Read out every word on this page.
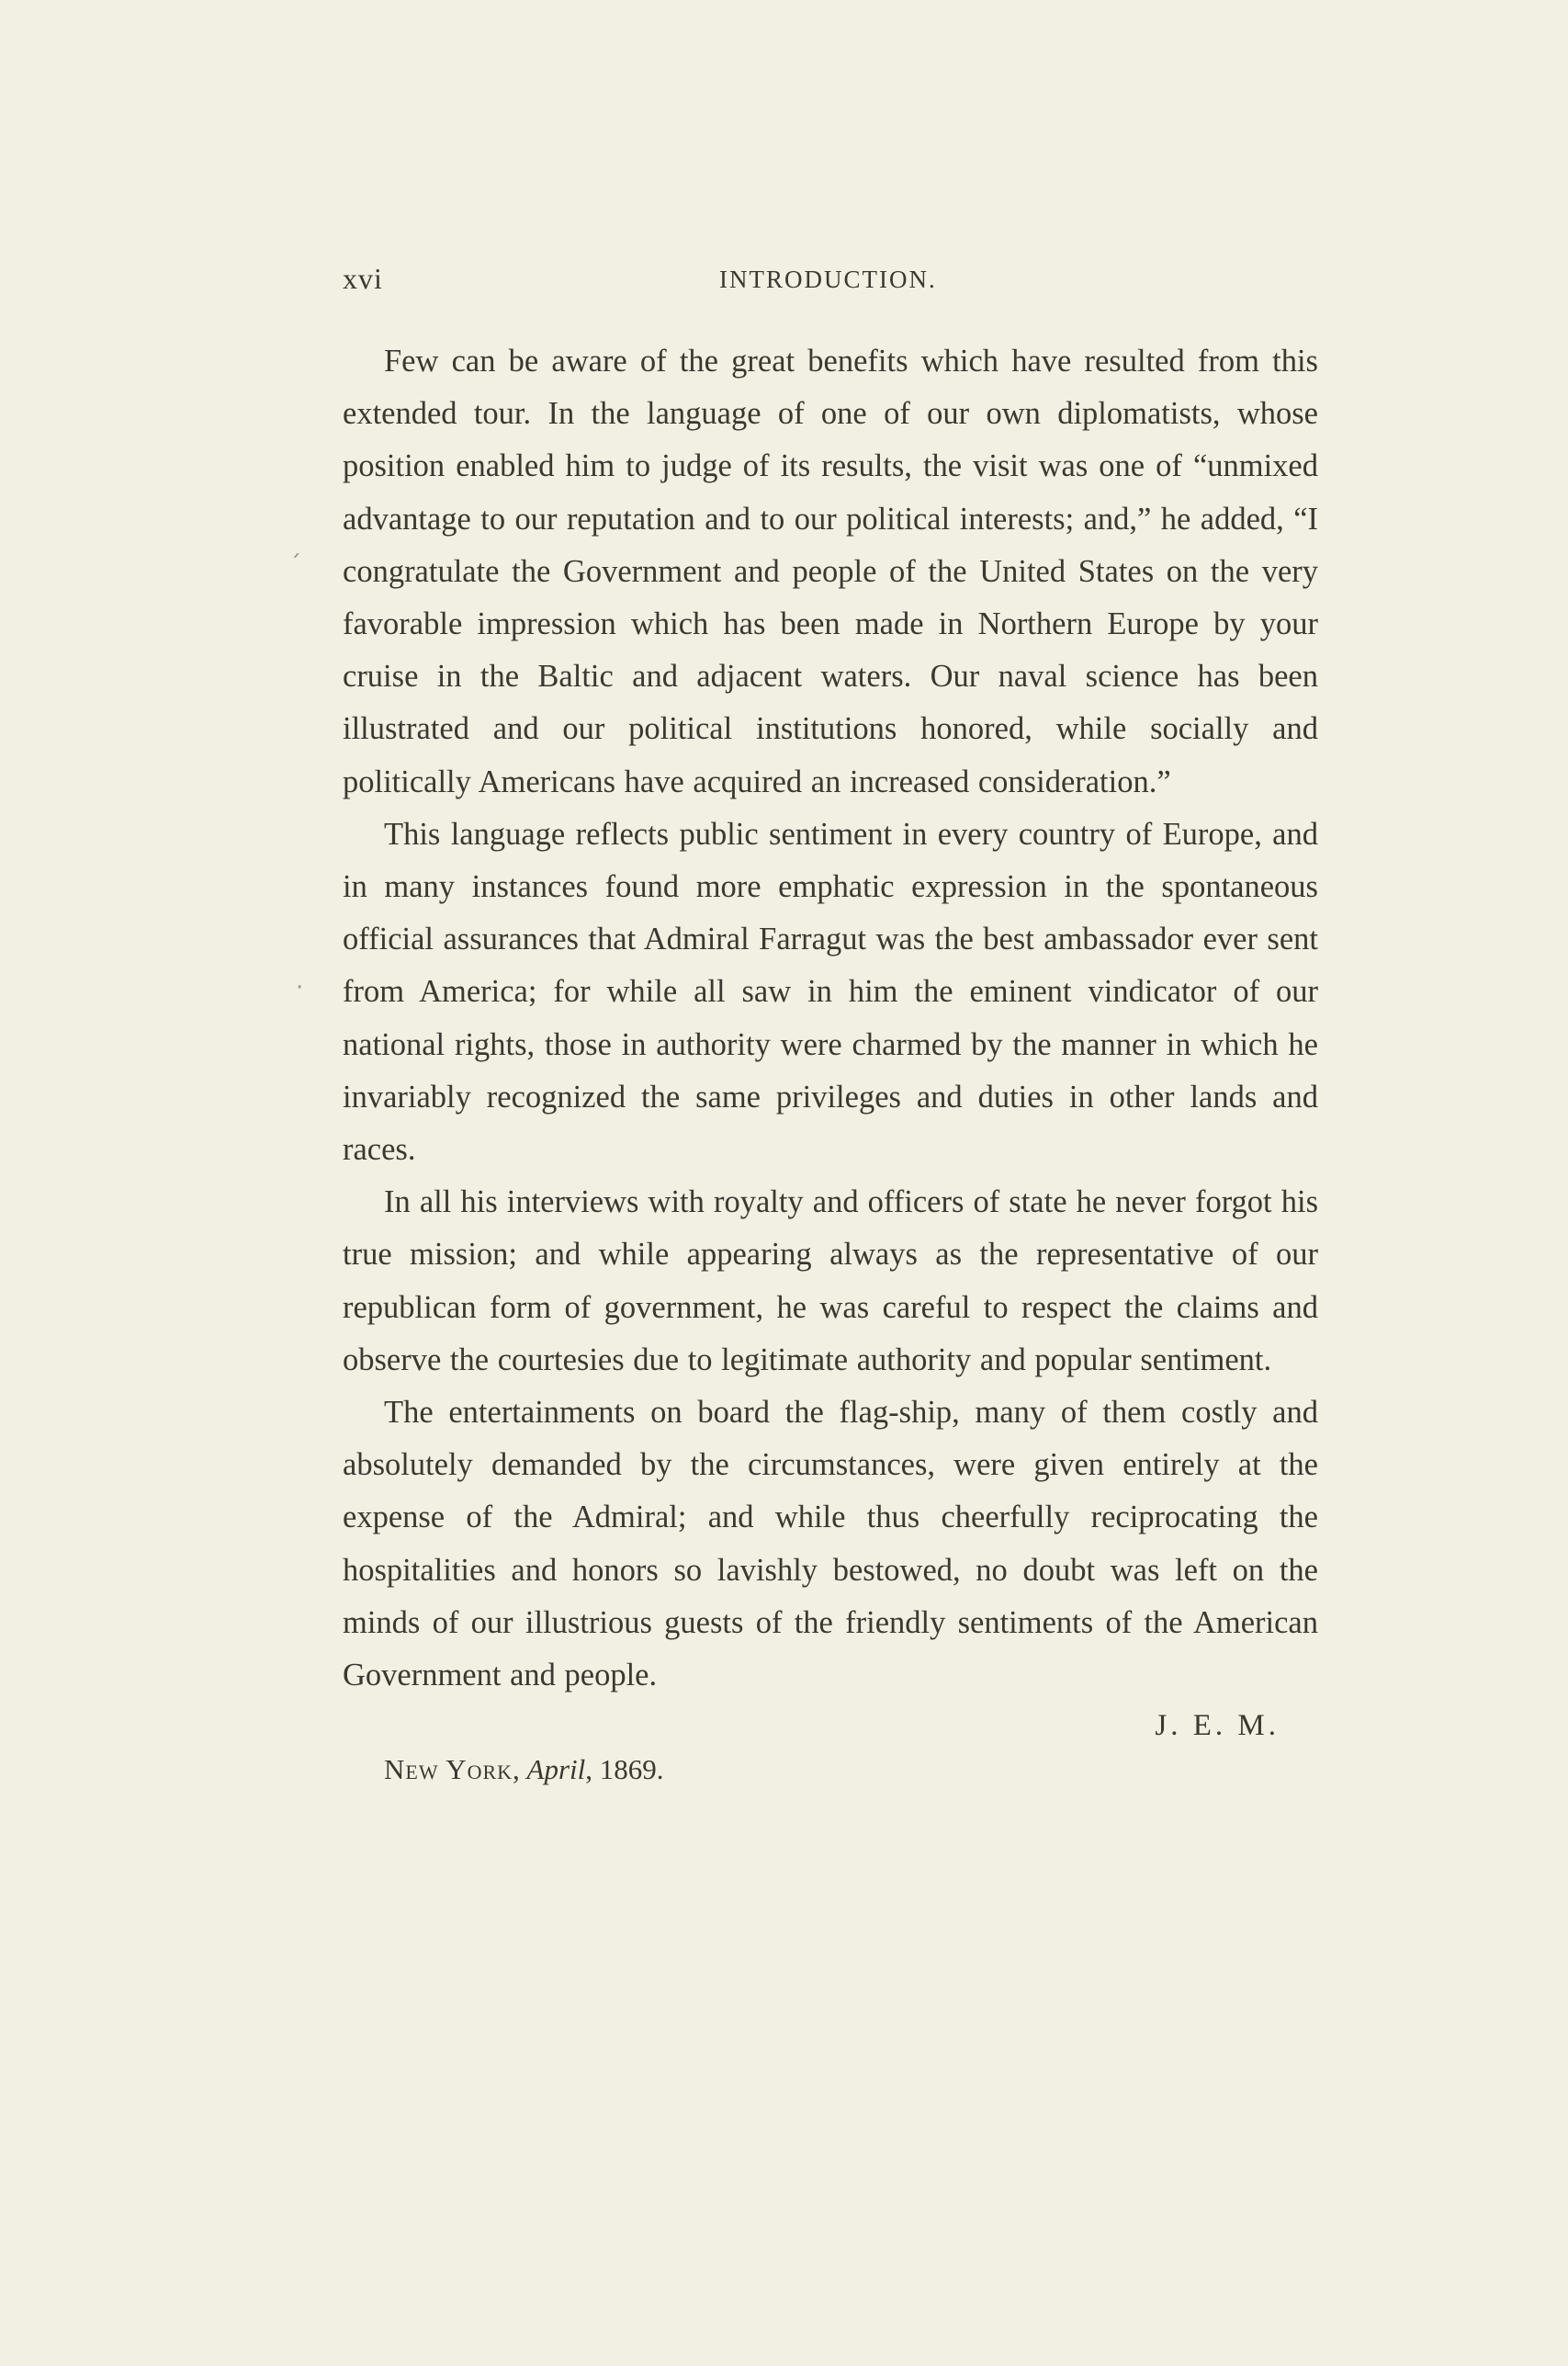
xvi	INTRODUCTION.
´
·

Few can be aware of the great benefits which have resulted from this extended tour. In the language of one of our own diplomatists, whose position enabled him to judge of its results, the visit was one of “unmixed advantage to our reputation and to our political interests; and,” he added, “I congratulate the Government and people of the United States on the very favorable impression which has been made in Northern Europe by your cruise in the Baltic and adjacent waters. Our naval science has been illustrated and our political institutions honored, while socially and politically Americans have acquired an increased consideration.”

This language reflects public sentiment in every country of Europe, and in many instances found more emphatic expression in the spontaneous official assurances that Admiral Farragut was the best ambassador ever sent from America; for while all saw in him the eminent vindicator of our national rights, those in authority were charmed by the manner in which he invariably recognized the same privileges and duties in other lands and races.

In all his interviews with royalty and officers of state he never forgot his true mission; and while appearing always as the representative of our republican form of government, he was careful to respect the claims and observe the courtesies due to legitimate authority and popular sentiment.

The entertainments on board the flag-ship, many of them costly and absolutely demanded by the circumstances, were given entirely at the expense of the Admiral; and while thus cheerfully reciprocating the hospitalities and honors so lavishly bestowed, no doubt was left on the minds of our illustrious guests of the friendly sentiments of the American Government and people.

J. E. M.

New York, April, 1869.
